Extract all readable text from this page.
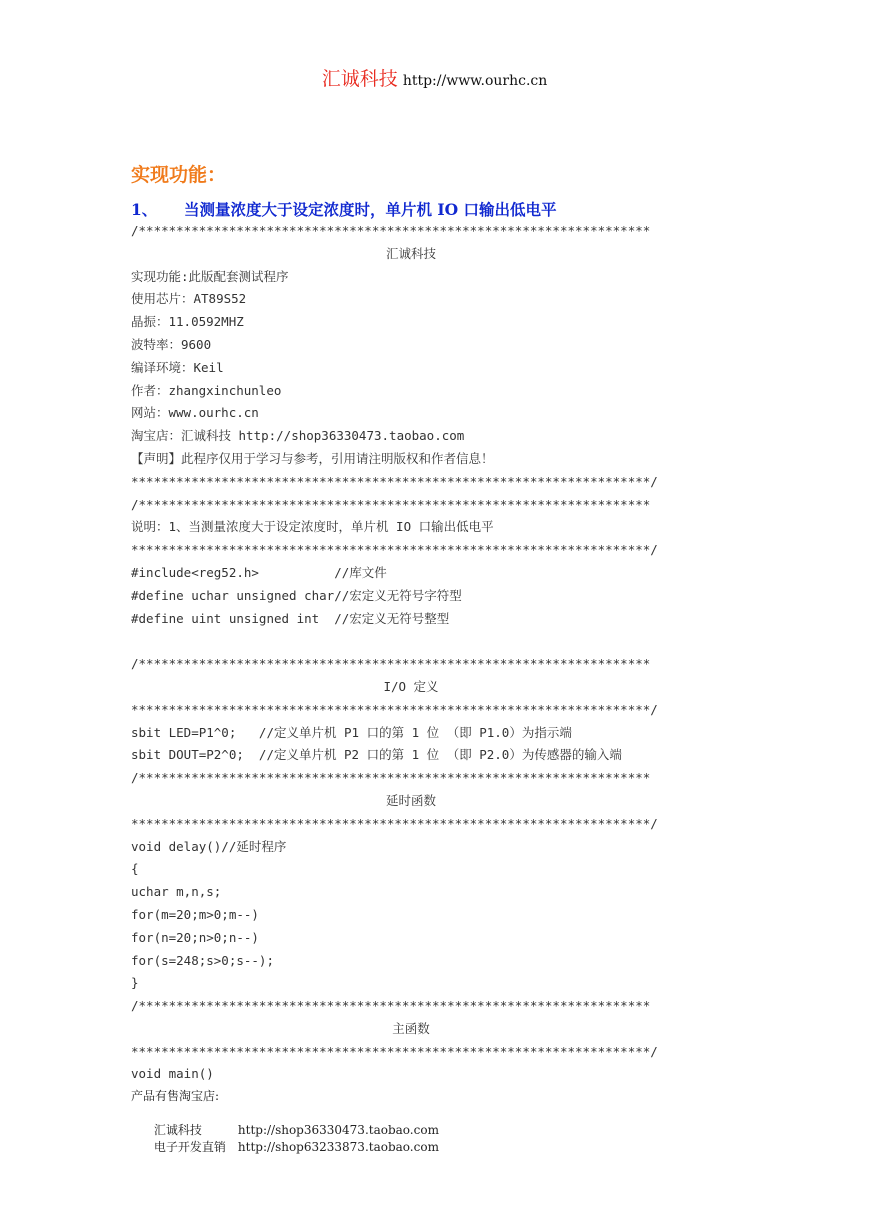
汇诚科技 http://www.ourhc.cn
实现功能：
1、 当测量浓度大于设定浓度时，单片机 IO 口输出低电平
/********************************************************************
汇诚科技
实现功能:此版配套测试程序
使用芯片：AT89S52
晶振：11.0592MHZ
波特率：9600
编译环境：Keil
作者：zhangxinchunleo
网站：www.ourhc.cn
淘宝店：汇诚科技 http://shop36330473.taobao.com
【声明】此程序仅用于学习与参考，引用请注明版权和作者信息！
*********************************************************************/
/********************************************************************
说明：1、当测量浓度大于设定浓度时，单片机 IO 口输出低电平
*********************************************************************/
#include<reg52.h>          //库文件
#define uchar unsigned char//宏定义无符号字符型
#define uint unsigned int  //宏定义无符号整型
/********************************************************************
I/O 定义
*********************************************************************/
sbit LED=P1^0;   //定义单片机 P1 口的第 1 位 （即 P1.0）为指示端
sbit DOUT=P2^0;  //定义单片机 P2 口的第 1 位 （即 P2.0）为传感器的输入端
/********************************************************************
延时函数
*********************************************************************/
void delay()//延时程序
{
uchar m,n,s;
for(m=20;m>0;m--)
for(n=20;n>0;n--)
for(s=248;s>0;s--);
}
/********************************************************************
主函数
*********************************************************************/
void main()
产品有售淘宝店:

汇诚科技	http://shop36330473.taobao.com

电子开发直销 http://shop63233873.taobao.com
